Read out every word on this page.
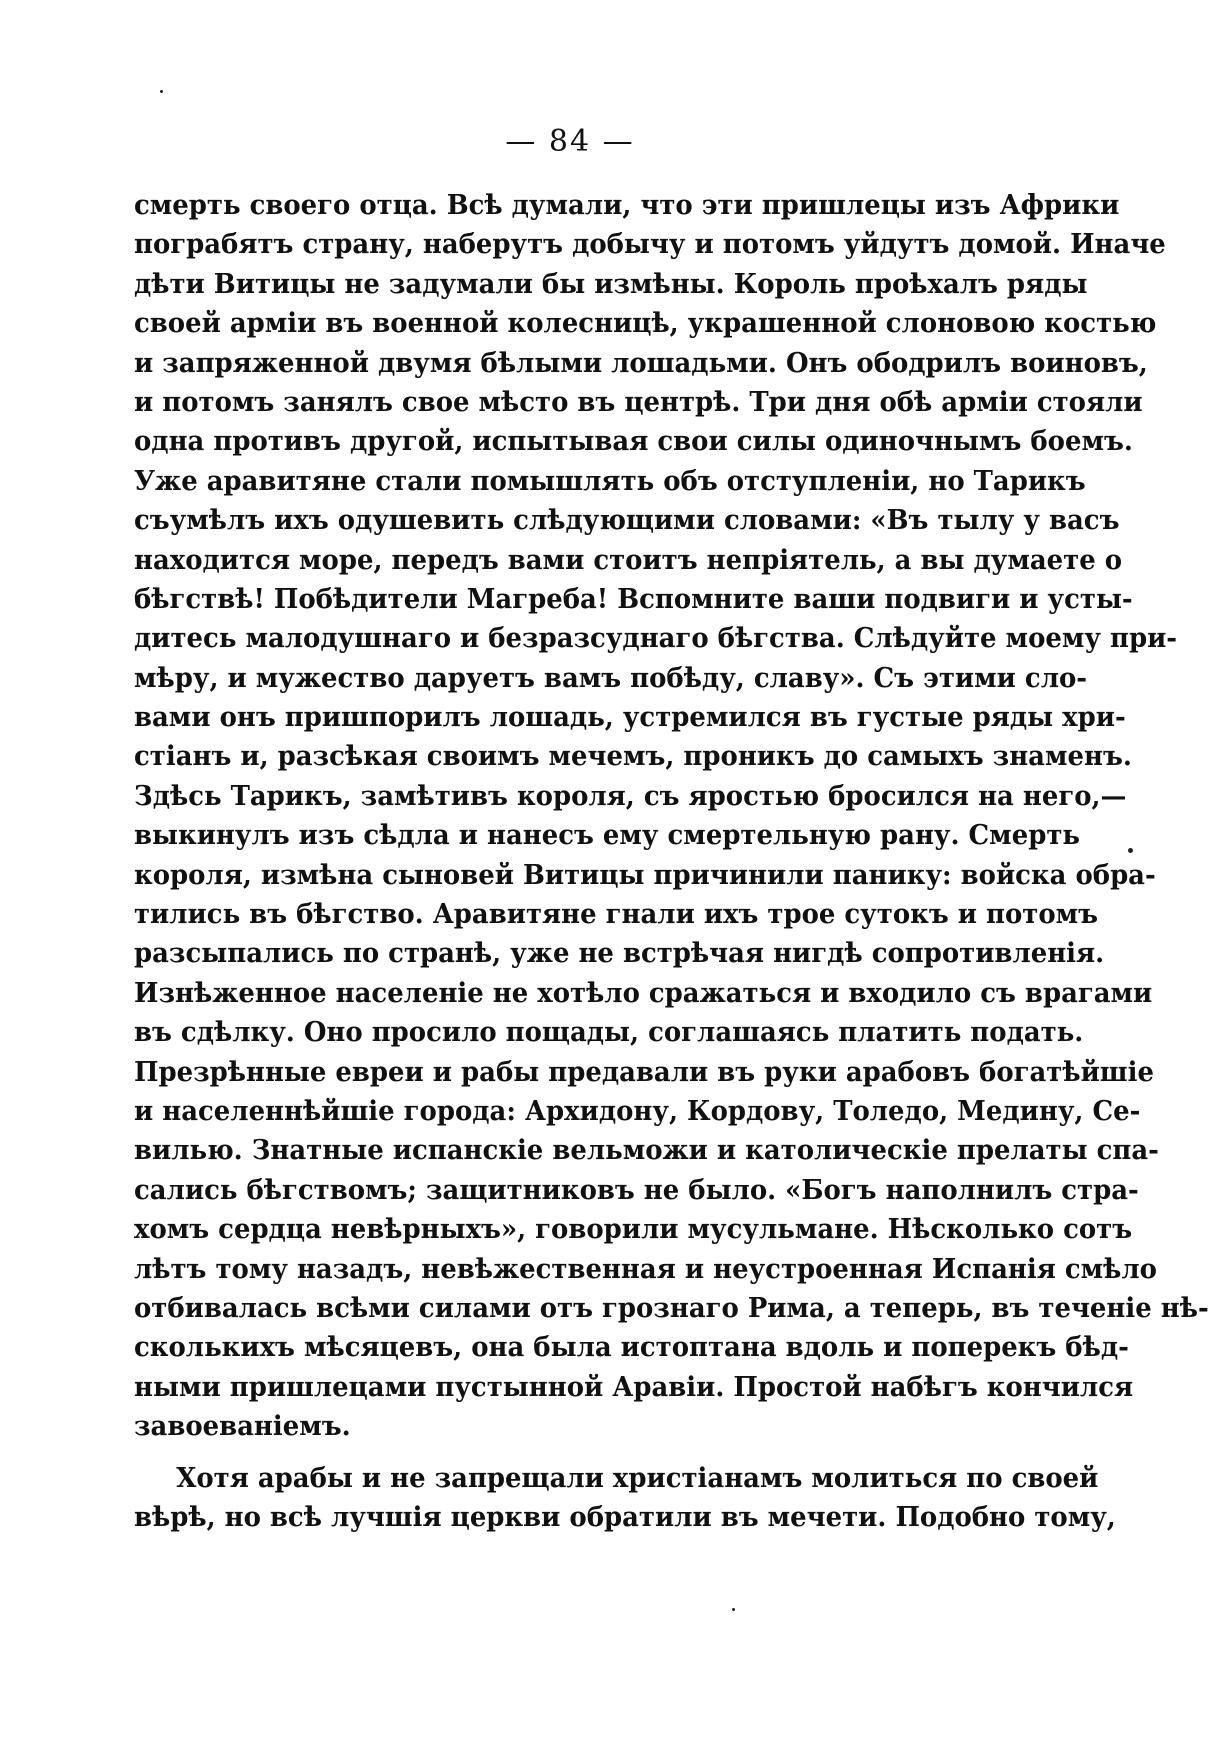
— 84 —
смерть своего отца. Всѣ думали, что эти пришлецы изъ Африки
пограбятъ страну, наберутъ добычу и потомъ уйдутъ домой. Иначе
дѣти Витицы не задумали бы измѣны. Король проѣхалъ ряды
своей арміи въ военной колесницѣ, украшенной слоновою костью
и запряженной двумя бѣлыми лошадьми. Онъ ободрилъ воиновъ,
и потомъ занялъ свое мѣсто въ центрѣ. Три дня обѣ арміи стояли
одна противъ другой, испытывая свои силы одиночнымъ боемъ.
Уже аравитяне стали помышлять объ отступленіи, но Тарикъ
съумѣлъ ихъ одушевить слѣдующими словами: «Въ тылу у васъ
находится море, передъ вами стоитъ непріятель, а вы думаете о
бѣгствѣ! Побѣдители Магреба! Вспомните ваши подвиги и усты-
дитесь малодушнаго и безразсуднаго бѣгства. Слѣдуйте моему при-
мѣру, и мужество даруетъ вамъ побѣду, славу». Съ этими сло-
вами онъ пришпорилъ лошадь, устремился въ густые ряды хри-
стіанъ и, разсѣкая своимъ мечемъ, проникъ до самыхъ знаменъ.
Здѣсь Тарикъ, замѣтивъ короля, съ яростью бросился на него,—
выкинулъ изъ сѣдла и нанесъ ему смертельную рану. Смерть
короля, измѣна сыновей Витицы причинили панику: войска обра-
тились въ бѣгство. Аравитяне гнали ихъ трое сутокъ и потомъ
разсыпались по странѣ, уже не встрѣчая нигдѣ сопротивленія.
Изнѣженное населеніе не хотѣло сражаться и входило съ врагами
въ сдѣлку. Оно просило пощады, соглашаясь платить подать.
Презрѣнные евреи и рабы предавали въ руки арабовъ богатѣйшіе
и населеннѣйшіе города: Архидону, Кордову, Толедо, Медину, Се-
вилью. Знатные испанскіе вельможи и католическіе прелаты спа-
сались бѣгствомъ; защитниковъ не было. «Богъ наполнилъ стра-
хомъ сердца невѣрныхъ», говорили мусульмане. Нѣсколько сотъ
лѣтъ тому назадъ, невѣжественная и неустроенная Испанія смѣло
отбивалась всѣми силами отъ грознаго Рима, а теперь, въ теченіе нѣ-
сколькихъ мѣсяцевъ, она была истоптана вдоль и поперекъ бѣд-
ными пришлецами пустынной Аравіи. Простой набѣгъ кончился
завоеваніемъ.
Хотя арабы и не запрещали христіанамъ молиться по своей
вѣрѣ, но всѣ лучшія церкви обратили въ мечети. Подобно тому,
